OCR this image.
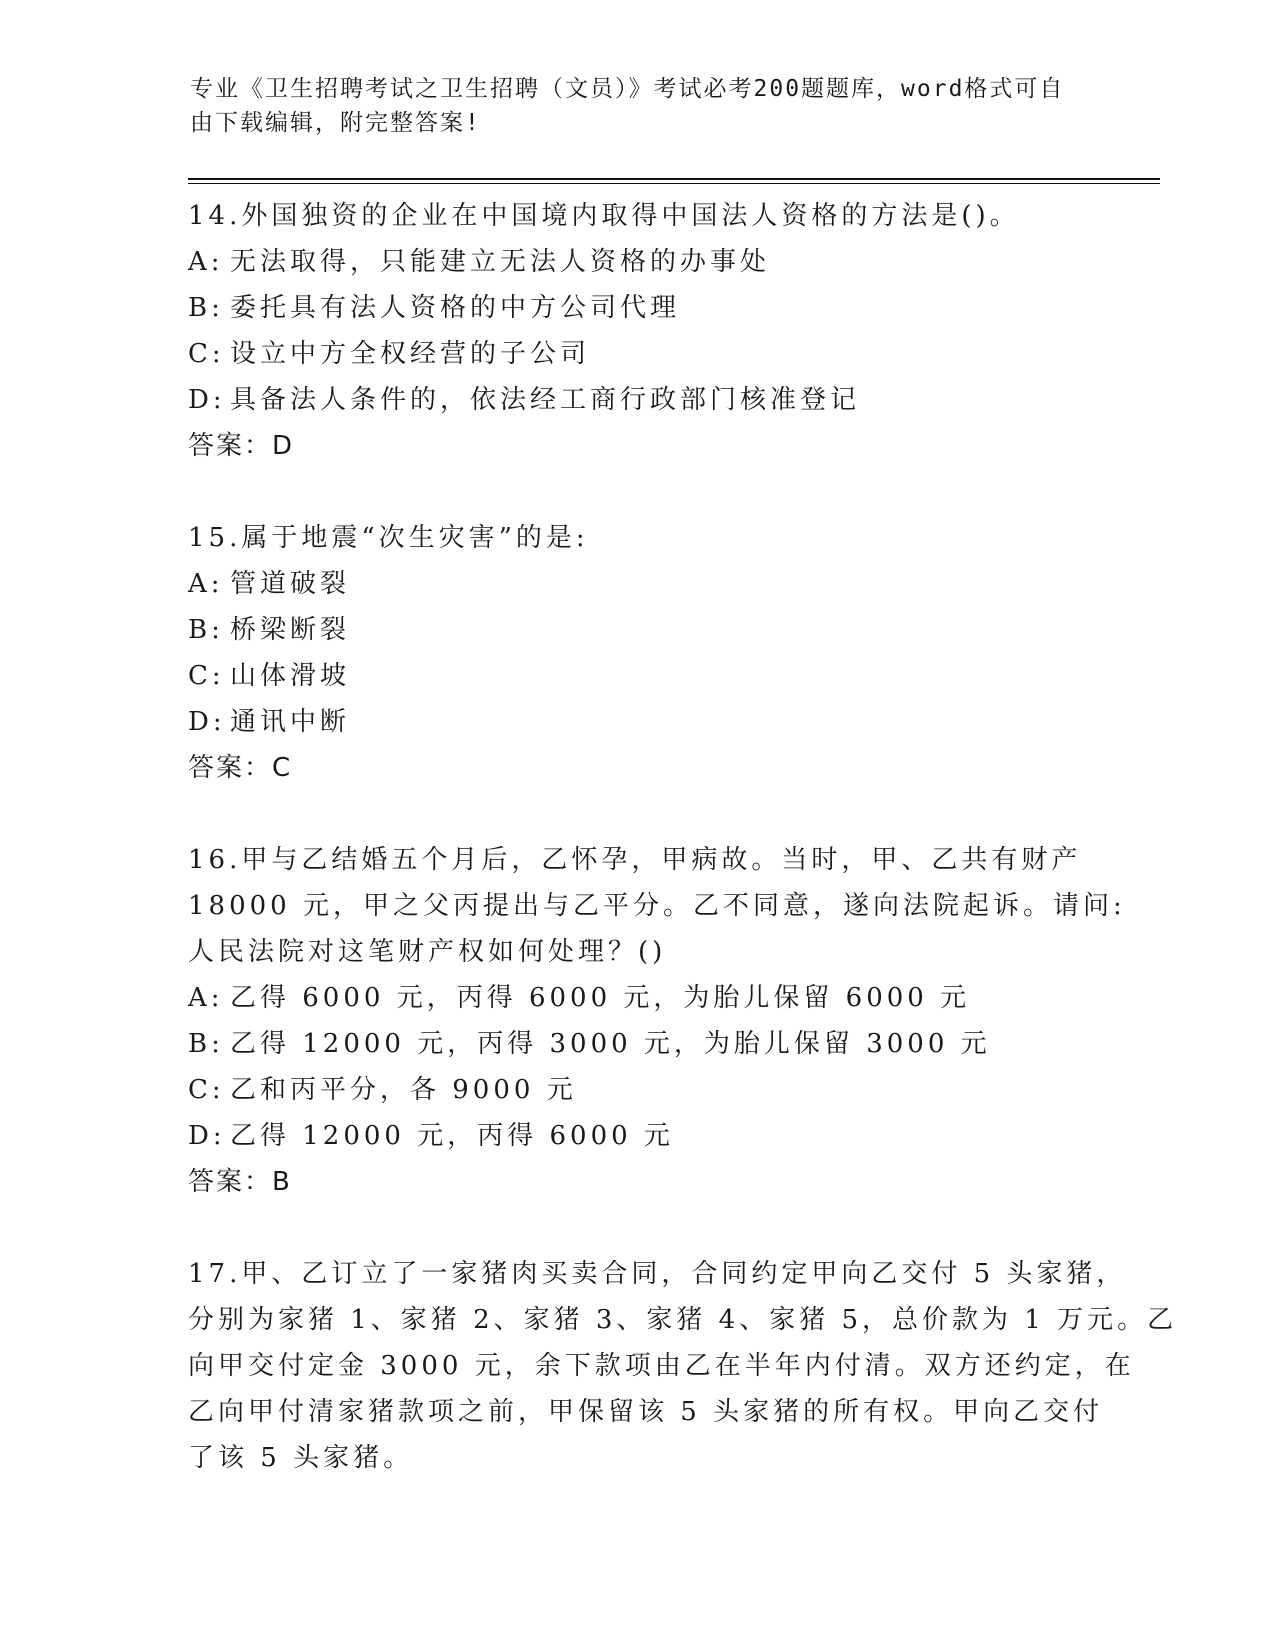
专业《卫生招聘考试之卫生招聘（文员）》考试必考200题题库，word格式可自
由下载编辑，附完整答案!
14.外国独资的企业在中国境内取得中国法人资格的方法是()。
A: 无法取得，只能建立无法人资格的办事处
B: 委托具有法人资格的中方公司代理
C: 设立中方全权经营的子公司
D: 具备法人条件的，依法经工商行政部门核准登记
答案：D
15.属于地震“次生灾害”的是:
A: 管道破裂
B: 桥梁断裂
C: 山体滑坡
D: 通讯中断
答案：C
16.甲与乙结婚五个月后，乙怀孕，甲病故。当时，甲、乙共有财产
18000 元，甲之父丙提出与乙平分。乙不同意，遂向法院起诉。请问:
人民法院对这笔财产权如何处理？()
A: 乙得 6000 元，丙得 6000 元，为胎儿保留 6000 元
B: 乙得 12000 元，丙得 3000 元，为胎儿保留 3000 元
C: 乙和丙平分，各 9000 元
D: 乙得 12000 元，丙得 6000 元
答案：B
17.甲、乙订立了一家猪肉买卖合同，合同约定甲向乙交付 5 头家猪，
分别为家猪 1、家猪 2、家猪 3、家猪 4、家猪 5，总价款为 1 万元。乙
向甲交付定金 3000 元，余下款项由乙在半年内付清。双方还约定，在
乙向甲付清家猪款项之前，甲保留该 5 头家猪的所有权。甲向乙交付
了该 5 头家猪。
